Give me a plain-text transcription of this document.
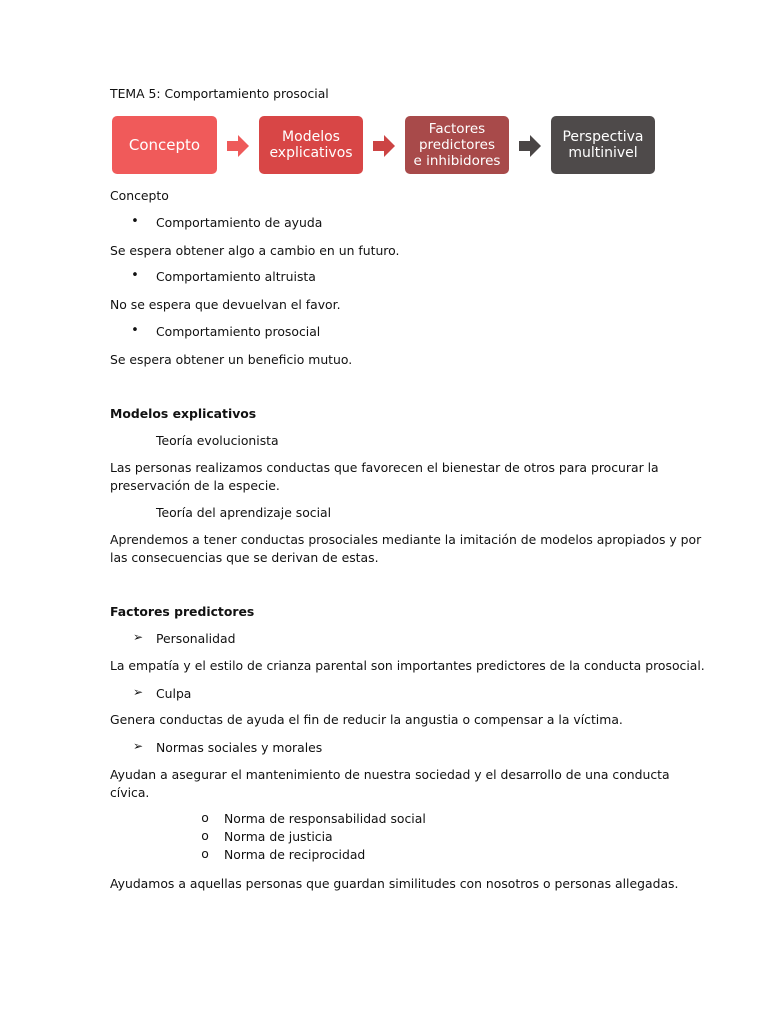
TEMA 5: Comportamiento prosocial
Concepto	Modelos
explicativos
Factores
predictores
e inhibidores
Perspectiva
multinivel
Concepto
• Comportamiento de ayuda
Se espera obtener algo a cambio en un futuro.
• Comportamiento altruista
No se espera que devuelvan el favor.
• Comportamiento prosocial
Se espera obtener un beneficio mutuo.
Modelos explicativos
Teoría evolucionista
Las personas realizamos conductas que favorecen el bienestar de otros para procurar la
preservación de la especie.
Teoría del aprendizaje social
Aprendemos a tener conductas prosociales mediante la imitación de modelos apropiados y por
las consecuencias que se derivan de estas.
Factores predictores
➢ Personalidad
La empatía y el estilo de crianza parental son importantes predictores de la conducta prosocial.
➢ Culpa
Genera conductas de ayuda el fin de reducir la angustia o compensar a la víctima.
➢ Normas sociales y morales
Ayudan a asegurar el mantenimiento de nuestra sociedad y el desarrollo de una conducta
cívica.
o Norma de responsabilidad social
o Norma de justicia
o Norma de reciprocidad
Ayudamos a aquellas personas que guardan similitudes con nosotros o personas allegadas.
